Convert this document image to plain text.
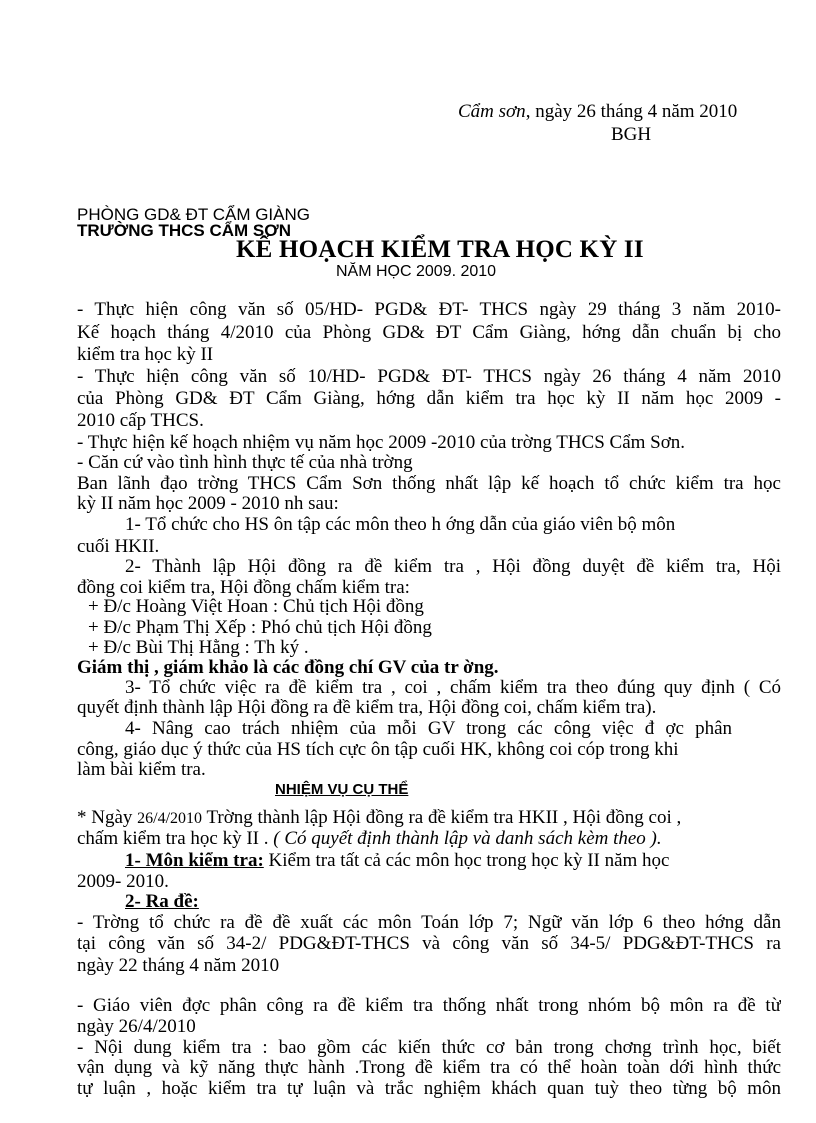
Cẩm sơn, ngày 26 tháng 4 năm 2010
BGH
PHÒNG GD& ĐT CẨM GIÀNG
TRƯỜNG THCS CẨM SƠN
KẾ HOẠCH KIỂM TRA HỌC KỲ II
NĂM HỌC 2009. 2010
- Thực hiện công văn số 05/HD- PGD& ĐT- THCS ngày 29 tháng 3 năm 2010-
Kế hoạch tháng 4/2010 của Phòng GD& ĐT Cẩm Giàng, hớng dẫn chuẩn bị cho
kiểm tra học kỳ II
- Thực hiện công văn số 10/HD- PGD& ĐT- THCS ngày 26 tháng 4 năm 2010
của Phòng GD& ĐT Cẩm Giàng, hớng dẫn kiểm tra học kỳ II năm học 2009 -
2010 cấp THCS.
- Thực hiện kế hoạch nhiệm vụ năm học 2009 -2010 của trờng THCS Cẩm Sơn.
- Căn cứ vào tình hình thực tế của nhà trờng
Ban lãnh đạo trờng THCS Cẩm Sơn thống nhất lập kế hoạch tổ chức kiểm tra học
kỳ II năm học 2009 - 2010 nh sau:
1- Tổ chức cho HS ôn tập các môn theo h ớng dẫn của giáo viên bộ môn
cuối HKII.
2- Thành lập Hội đồng ra đề kiểm tra , Hội đồng duyệt đề kiểm tra, Hội
đồng coi kiểm tra, Hội đồng chấm kiểm tra:
+ Đ/c Hoàng Việt Hoan : Chủ tịch Hội đồng
+ Đ/c Phạm Thị Xếp : Phó chủ tịch Hội đồng
+ Đ/c Bùi Thị Hằng : Th ký .
Giám thị , giám khảo là các đồng chí GV của tr ờng.
3- Tổ chức việc ra đề kiểm tra , coi , chấm kiểm tra theo đúng quy định ( Có
quyết định thành lập Hội đồng ra đề kiểm tra, Hội đồng coi, chấm kiểm tra).
4- Nâng cao trách nhiệm của mỗi GV trong các công việc đ ợc phân
công, giáo dục ý thức của HS tích cực ôn tập cuối HK, không coi cóp trong khi
làm bài kiểm tra.
NHIỆM VỤ CỤ THỂ
* Ngày 26/4/2010 Trờng thành lập Hội đồng ra đề kiểm tra HKII , Hội đồng coi ,
chấm kiểm tra học kỳ II . ( Có quyết định thành lập và danh sách kèm theo ).
1- Môn kiểm tra: Kiểm tra tất cả các môn học trong học kỳ II năm học
2009- 2010.
2- Ra đề:
- Trờng tổ chức ra đề đề xuất các môn Toán lớp 7; Ngữ văn lớp 6 theo hớng dẫn
tại công văn số 34-2/ PDG&ĐT-THCS và công văn số 34-5/ PDG&ĐT-THCS ra
ngày 22 tháng 4 năm 2010
- Giáo viên đợc phân công ra đề kiểm tra thống nhất trong nhóm bộ môn ra đề từ
ngày 26/4/2010
- Nội dung kiểm tra : bao gồm các kiến thức cơ bản trong chơng trình học, biết
vận dụng và kỹ năng thực hành .Trong đề kiểm tra có thể hoàn toàn dới hình thức
tự luận , hoặc kiểm tra tự luận và trắc nghiệm khách quan tuỳ theo từng bộ môn
